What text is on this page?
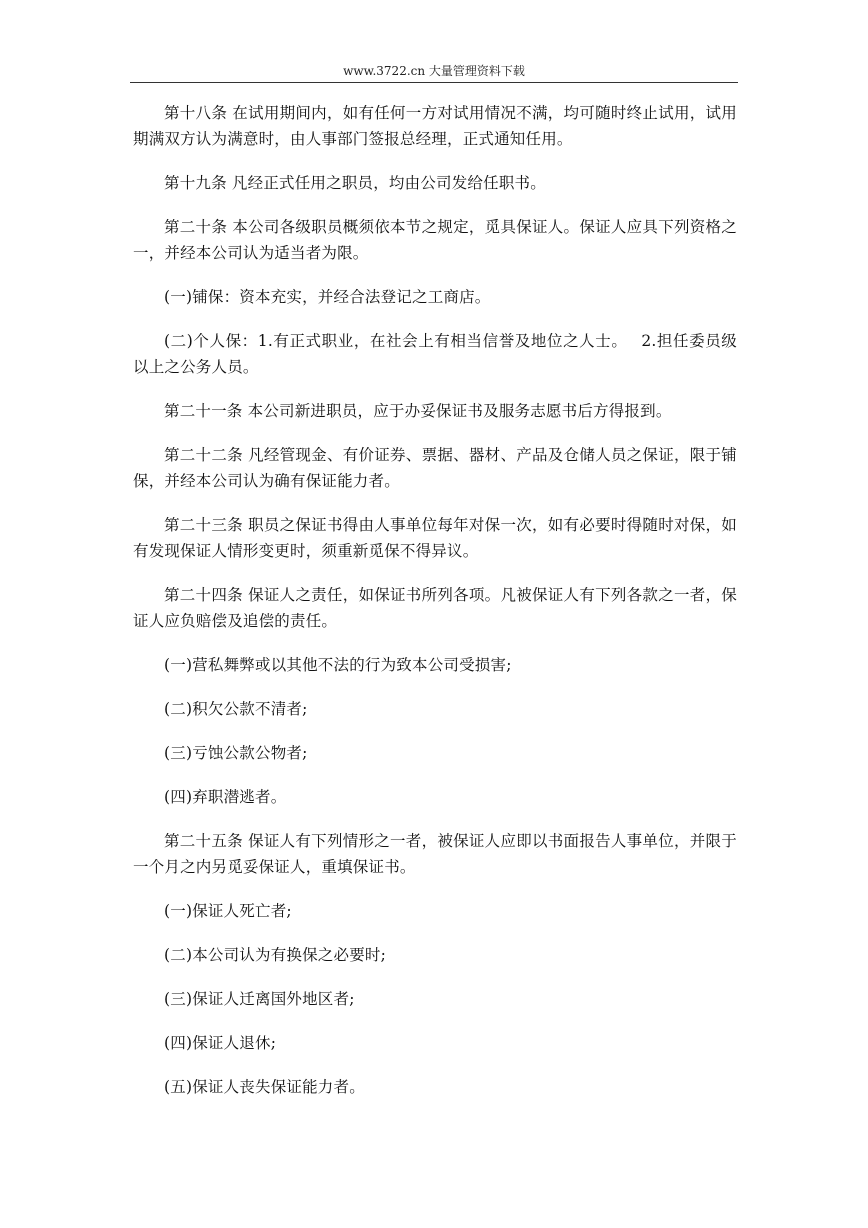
www.3722.cn 大量管理资料下载

第十八条 在试用期间内，如有任何一方对试用情况不满，均可随时终止试用，试用期满双方认为满意时，由人事部门签报总经理，正式通知任用。

第十九条 凡经正式任用之职员，均由公司发给任职书。

第二十条 本公司各级职员概须依本节之规定，觅具保证人。保证人应具下列资格之一，并经本公司认为适当者为限。

(一)铺保：资本充实，并经合法登记之工商店。

(二)个人保：1.有正式职业，在社会上有相当信誉及地位之人士。　 2.担任委员级以上之公务人员。

第二十一条 本公司新进职员，应于办妥保证书及服务志愿书后方得报到。

第二十二条 凡经管现金、有价证券、票据、器材、产品及仓储人员之保证，限于铺保，并经本公司认为确有保证能力者。

第二十三条 职员之保证书得由人事单位每年对保一次，如有必要时得随时对保，如有发现保证人情形变更时，须重新觅保不得异议。

第二十四条 保证人之责任，如保证书所列各项。凡被保证人有下列各款之一者，保证人应负赔偿及追偿的责任。

(一)营私舞弊或以其他不法的行为致本公司受损害;

(二)积欠公款不清者;

(三)亏蚀公款公物者;

(四)弃职潜逃者。

第二十五条 保证人有下列情形之一者，被保证人应即以书面报告人事单位，并限于一个月之内另觅妥保证人，重填保证书。

(一)保证人死亡者;

(二)本公司认为有换保之必要时;

(三)保证人迁离国外地区者;

(四)保证人退休;

(五)保证人丧失保证能力者。
